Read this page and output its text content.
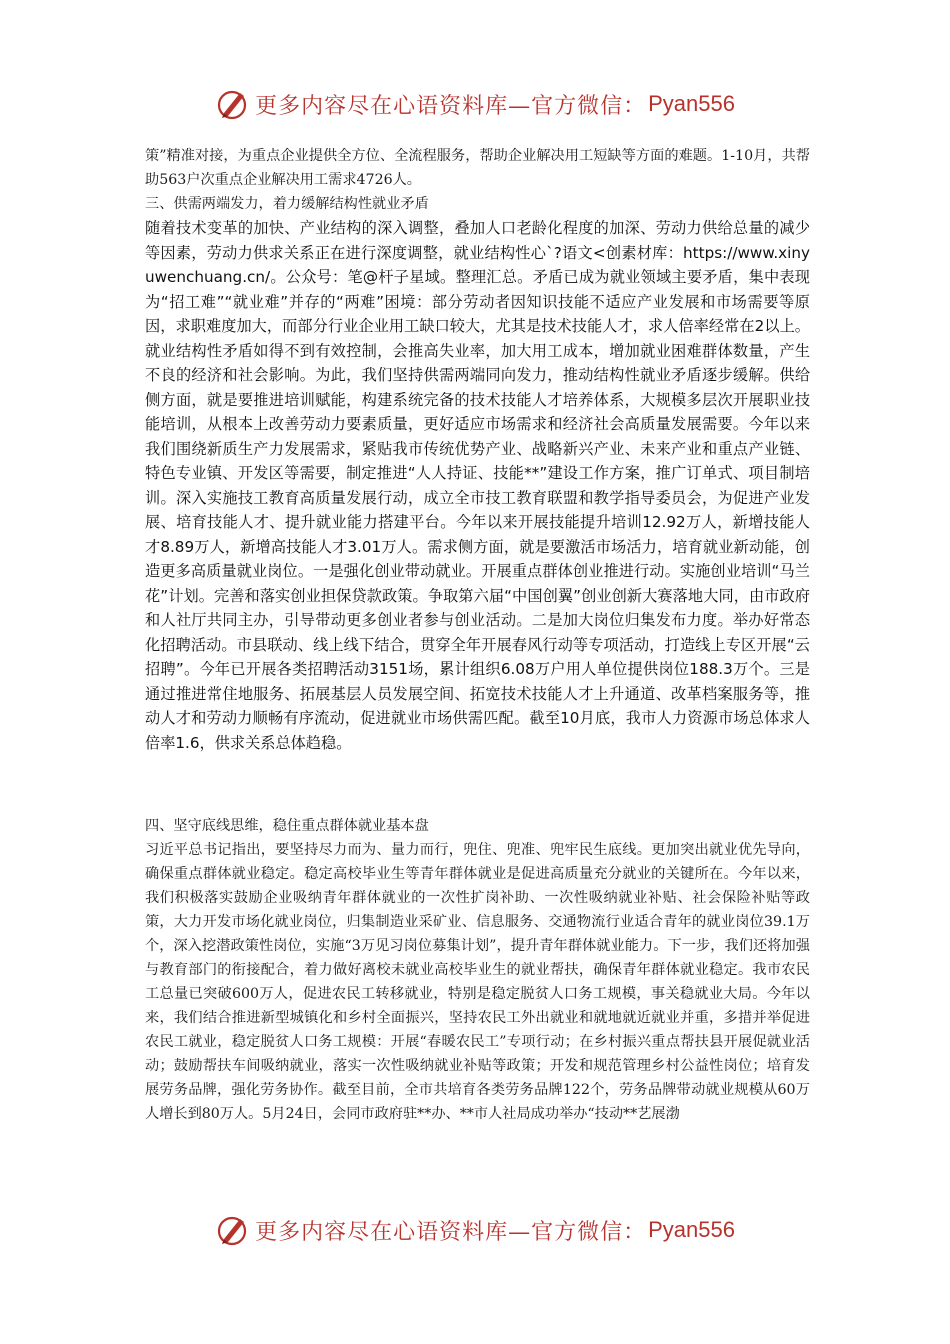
更多内容尽在心语资料库—官方微信： Pyan556

策”精准对接，为重点企业提供全方位、全流程服务，帮助企业解决用工短缺等方面的难题。1-10月，共帮助563户次重点企业解决用工需求4726人。

三、供需两端发力，着力缓解结构性就业矛盾

随着技术变革的加快、产业结构的深入调整，叠加人口老龄化程度的加深、劳动力供给总量的减少等因素，劳动力供求关系正在进行深度调整，就业结构性心`?语文<创素材库：https://www.xinyuwenchuang.cn/。公众号：笔@杆子星域。整理汇总。矛盾已成为就业领域主要矛盾，集中表现为“招工难”“就业难”并存的“两难”困境：部分劳动者因知识技能不适应产业发展和市场需要等原因，求职难度加大，而部分行业企业用工缺口较大，尤其是技术技能人才，求人倍率经常在2以上。就业结构性矛盾如得不到有效控制，会推高失业率，加大用工成本，增加就业困难群体数量，产生不良的经济和社会影响。为此，我们坚持供需两端同向发力，推动结构性就业矛盾逐步缓解。供给侧方面，就是要推进培训赋能，构建系统完备的技术技能人才培养体系，大规模多层次开展职业技能培训，从根本上改善劳动力要素质量，更好适应市场需求和经济社会高质量发展需要。今年以来我们围绕新质生产力发展需求，紧贴我市传统优势产业、战略新兴产业、未来产业和重点产业链、特色专业镇、开发区等需要，制定推进“人人持证、技能**”建设工作方案，推广订单式、项目制培训。深入实施技工教育高质量发展行动，成立全市技工教育联盟和教学指导委员会，为促进产业发展、培育技能人才、提升就业能力搭建平台。今年以来开展技能提升培训12.92万人，新增技能人才8.89万人，新增高技能人才3.01万人。需求侧方面，就是要激活市场活力，培育就业新动能，创造更多高质量就业岗位。一是强化创业带动就业。开展重点群体创业推进行动。实施创业培训“马兰花”计划。完善和落实创业担保贷款政策。争取第六届“中国创翼”创业创新大赛落地大同，由市政府和人社厅共同主办，引导带动更多创业者参与创业活动。二是加大岗位归集发布力度。举办好常态化招聘活动。市县联动、线上线下结合，贯穿全年开展春风行动等专项活动，打造线上专区开展“云招聘”。今年已开展各类招聘活动3151场，累计组织6.08万户用人单位提供岗位188.3万个。三是通过推进常住地服务、拓展基层人员发展空间、拓宽技术技能人才上升通道、改革档案服务等，推动人才和劳动力顺畅有序流动，促进就业市场供需匹配。截至10月底，我市人力资源市场总体求人倍率1.6，供求关系总体趋稳。

四、坚守底线思维，稳住重点群体就业基本盘

习近平总书记指出，要坚持尽力而为、量力而行，兜住、兜准、兜牢民生底线。更加突出就业优先导向，确保重点群体就业稳定。稳定高校毕业生等青年群体就业是促进高质量充分就业的关键所在。今年以来，我们积极落实鼓励企业吸纳青年群体就业的一次性扩岗补助、一次性吸纳就业补贴、社会保险补贴等政策，大力开发市场化就业岗位，归集制造业采矿业、信息服务、交通物流行业适合青年的就业岗位39.1万个，深入挖潜政策性岗位，实施“3万见习岗位募集计划”，提升青年群体就业能力。下一步，我们还将加强与教育部门的衔接配合，着力做好离校未就业高校毕业生的就业帮扶，确保青年群体就业稳定。我市农民工总量已突破600万人，促进农民工转移就业，特别是稳定脱贫人口务工规模，事关稳就业大局。今年以来，我们结合推进新型城镇化和乡村全面振兴，坚持农民工外出就业和就地就近就业并重，多措并举促进农民工就业，稳定脱贫人口务工规模：开展“春暖农民工”专项行动；在乡村振兴重点帮扶县开展促就业活动；鼓励帮扶车间吸纳就业，落实一次性吸纳就业补贴等政策；开发和规范管理乡村公益性岗位；培育发展劳务品牌，强化劳务协作。截至目前，全市共培育各类劳务品牌122个，劳务品牌带动就业规模从60万人增长到80万人。5月24日，会同市政府驻**办、**市人社局成功举办“技动**艺展渤

更多内容尽在心语资料库—官方微信： Pyan556
